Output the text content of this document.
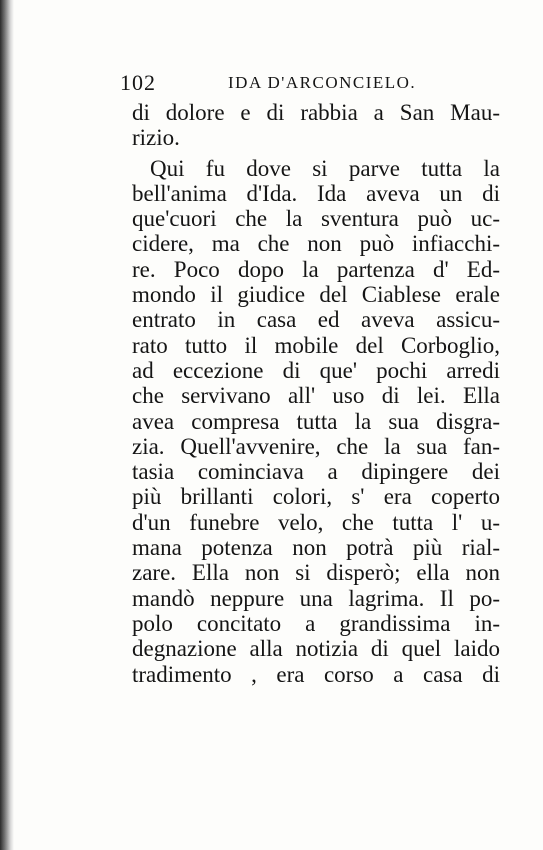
102	IDA D'ARCONCIELO.
di dolore e di rabbia a San Mau-
rizio.
Qui fu dove si parve tutta la
bell'anima d'Ida. Ida aveva un di
que'cuori che la sventura può uc-
cidere, ma che non può infiacchi-
re. Poco dopo la partenza d' Ed-
mondo il giudice del Ciablese erale
entrato in casa ed aveva assicu-
rato tutto il mobile del Corboglio,
ad eccezione di que' pochi arredi
che servivano all' uso di lei. Ella
avea compresa tutta la sua disgra-
zia. Quell'avvenire, che la sua fan-
tasia cominciava a dipingere dei
più brillanti colori, s' era coperto
d'un funebre velo, che tutta l' u-
mana potenza non potrà più rial-
zare. Ella non si disperò; ella non
mandò neppure una lagrima. Il po-
polo concitato a grandissima in-
degnazione alla notizia di quel laido
tradimento , era corso a casa di
